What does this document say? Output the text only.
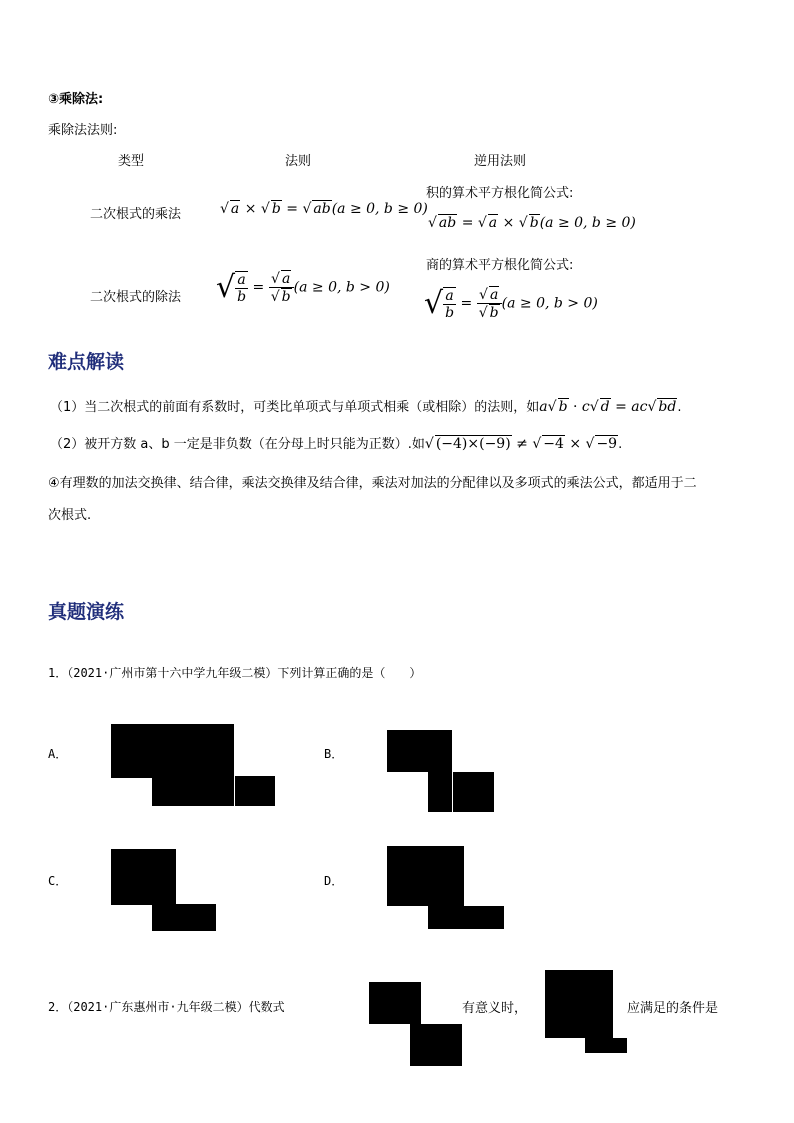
③乘除法:
乘除法法则:
类型	法则	逆用法则
二次根式的乘法	√ a × √ b = √ ab(a ≥ 0, b ≥ 0)
积的算术平方根化简公式:
√ ab = √ a × √ b(a ≥ 0, b ≥ 0)
二次根式的除法 √ $\frac{a}{b} = \frac{√ a}{√ b} (a \ge 0$, b > 0)
商的算术平方根化简公式:
√ $\frac{a}{b} = \frac{√ a}{√ b} (a \ge 0$, b > 0)
难点解读
（1）当二次根式的前面有系数时，可类比单项式与单项式相乘（或相除）的法则，如a√ b · c√ d = ac√ bd.
（2）被开方数 a、b 一定是非负数（在分母上时只能为正数）.如√ (−4)×(−9) ≠ √ −4 × √ −9.
④有理数的加法交换律、结合律，乘法交换律及结合律，乘法对加法的分配律以及多项式的乘法公式，都适用于二
次根式.
真题演练
1．（2021·广州市第十六中学九年级二模）下列计算正确的是（　　）
A．	B．
C．	D．
2．（2021·广东惠州市·九年级二模）代数式	有意义时，	应满足的条件是
